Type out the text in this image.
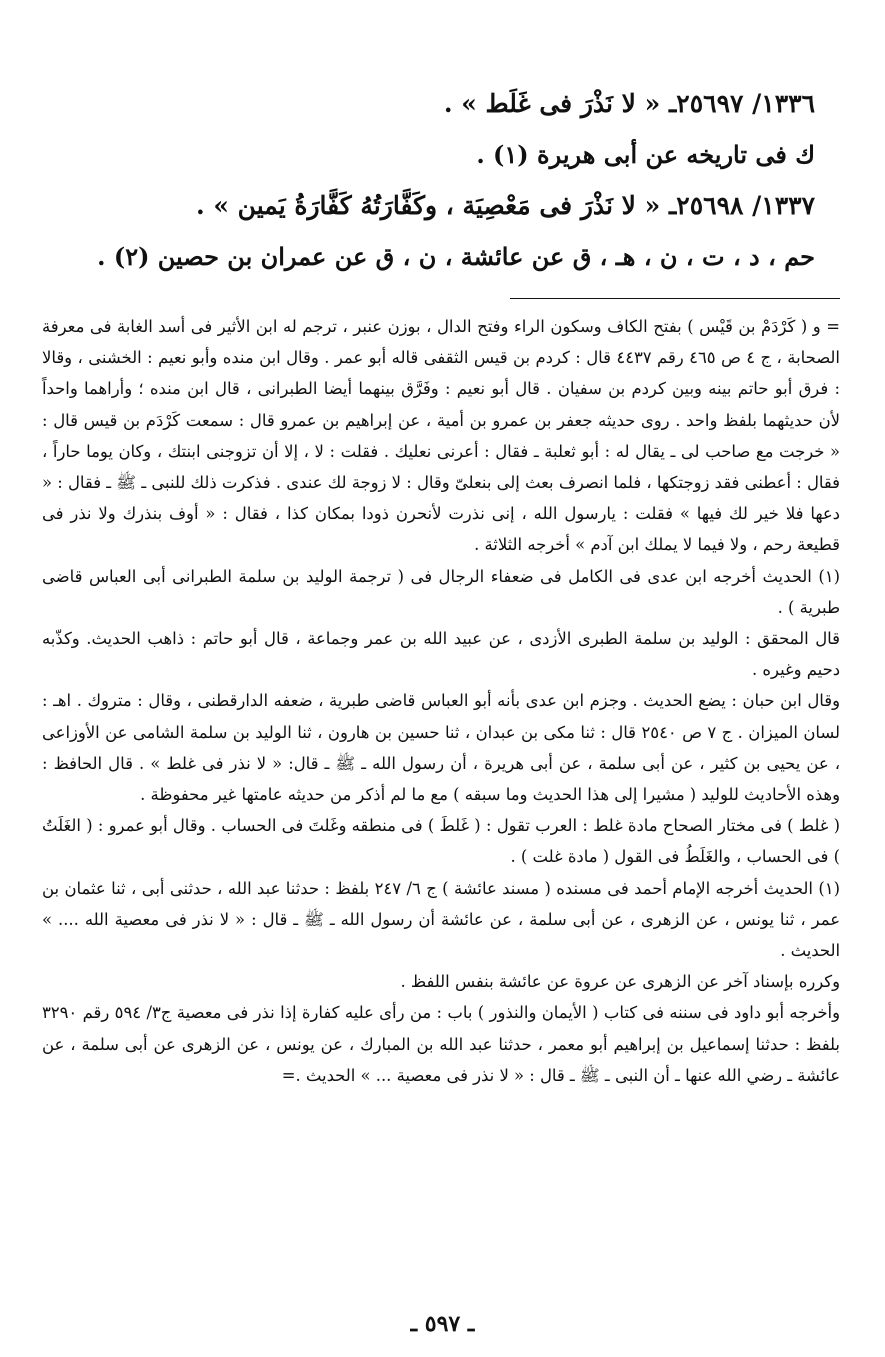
١٣٣٦/ ٢٥٦٩٧ـ « لا نَذْرَ فى غَلَط » .
ك فى تاريخه عن أبى هريرة (١) .
١٣٣٧/ ٢٥٦٩٨ـ « لا نَذْرَ فى مَعْصِيَة ، وكَفَّارَتُهُ كَفَّارَةُ يَمين » .
حم ، د ، ت ، ن ، هـ ، ق عن عائشة ، ن ، ق عن عمران بن حصين (٢) .
= و ( كَرْدَمْ بن قَيْس ) بفتح الكاف وسكون الراء وفتح الدال ، بوزن عنبر ، ترجم له ابن الأثير فى أسد الغابة فى معرفة الصحابة ، ج ٤ ص ٤٦٥ رقم ٤٤٣٧ قال : كردم بن قيس الثقفى قاله أبو عمر . وقال ابن منده وأبو نعيم : الخشنى ، وقالا : فرق أبو حاتم بينه وبين كردم بن سفيان . قال أبو نعيم : وفَرَّق بينهما أيضا الطبرانى ، قال ابن منده ؛ وأراهما واحداً لأن حديثهما بلفظ واحد . روى حديثه جعفر بن عمرو بن أمية ، عن إبراهيم بن عمرو قال : سمعت كَرْدَم بن قيس قال : « خرجت مع صاحب لى ـ يقال له : أبو ثعلبة ـ فقال : أعرنى نعليك . فقلت : لا ، إلا أن تزوجنى ابنتك ، وكان يوما حاراً ، فقال : أعطنى فقد زوجتكها ، فلما انصرف بعث إلى بنعلىّ وقال : لا زوجة لك عندى . فذكرت ذلك للنبى ـ ﷺ ـ فقال : « دعها فلا خير لك فيها » فقلت : يارسول الله ، إنى نذرت لأنحرن ذودا بمكان كذا ، فقال : « أوف بنذرك ولا نذر فى قطيعة رحم ، ولا فيما لا يملك ابن آدم » أخرجه الثلاثة .
(١) الحديث أخرجه ابن عدى فى الكامل فى ضعفاء الرجال فى ( ترجمة الوليد بن سلمة الطبرانى أبى العباس قاضى طبرية ) .
قال المحقق : الوليد بن سلمة الطبرى الأزدى ، عن عبيد الله بن عمر وجماعة ، قال أبو حاتم : ذاهب الحديث. وكذّبه دحيم وغيره .
وقال ابن حبان : يضع الحديث . وجزم ابن عدى بأنه أبو العباس قاضى طبرية ، ضعفه الدارقطنى ، وقال : متروك . اهـ : لسان الميزان . ج ٧ ص ٢٥٤٠ قال : ثنا مكى بن عبدان ، ثنا حسين بن هارون ، ثنا الوليد بن سلمة الشامى عن الأوزاعى ، عن يحيى بن كثير ، عن أبى سلمة ، عن أبى هريرة ، أن رسول الله ـ ﷺ ـ قال: « لا نذر فى غلط » . قال الحافظ : وهذه الأحاديث للوليد ( مشيرا إلى هذا الحديث وما سبقه ) مع ما لم أذكر من حديثه عامتها غير محفوظة .
( غلط ) فى مختار الصحاح مادة غلط : العرب تقول : ( غَلطَ ) فى منطقه وغَلتَ فى الحساب . وقال أبو عمرو : ( الغَلَتُ ) فى الحساب ، والغَلَطُ فى القول ( مادة غلت ) .
(١) الحديث أخرجه الإمام أحمد فى مسنده ( مسند عائشة ) ج ٦/ ٢٤٧ بلفظ : حدثنا عبد الله ، حدثنى أبى ، ثنا عثمان بن عمر ، ثنا يونس ، عن الزهرى ، عن أبى سلمة ، عن عائشة أن رسول الله ـ ﷺ ـ قال : « لا نذر فى معصية الله .... » الحديث .
وكرره بإسناد آخر عن الزهرى عن عروة عن عائشة بنفس اللفظ .
وأخرجه أبو داود فى سننه فى كتاب ( الأيمان والنذور ) باب : من رأى عليه كفارة إذا نذر فى معصية ج٣/ ٥٩٤ رقم ٣٢٩٠ بلفظ : حدثنا إسماعيل بن إبراهيم أبو معمر ، حدثنا عبد الله بن المبارك ، عن يونس ، عن الزهرى عن أبى سلمة ، عن عائشة ـ رضي الله عنها ـ أن النبى ـ ﷺ ـ قال : « لا نذر فى معصية ... » الحديث .=
ـ ٥٩٧ ـ
